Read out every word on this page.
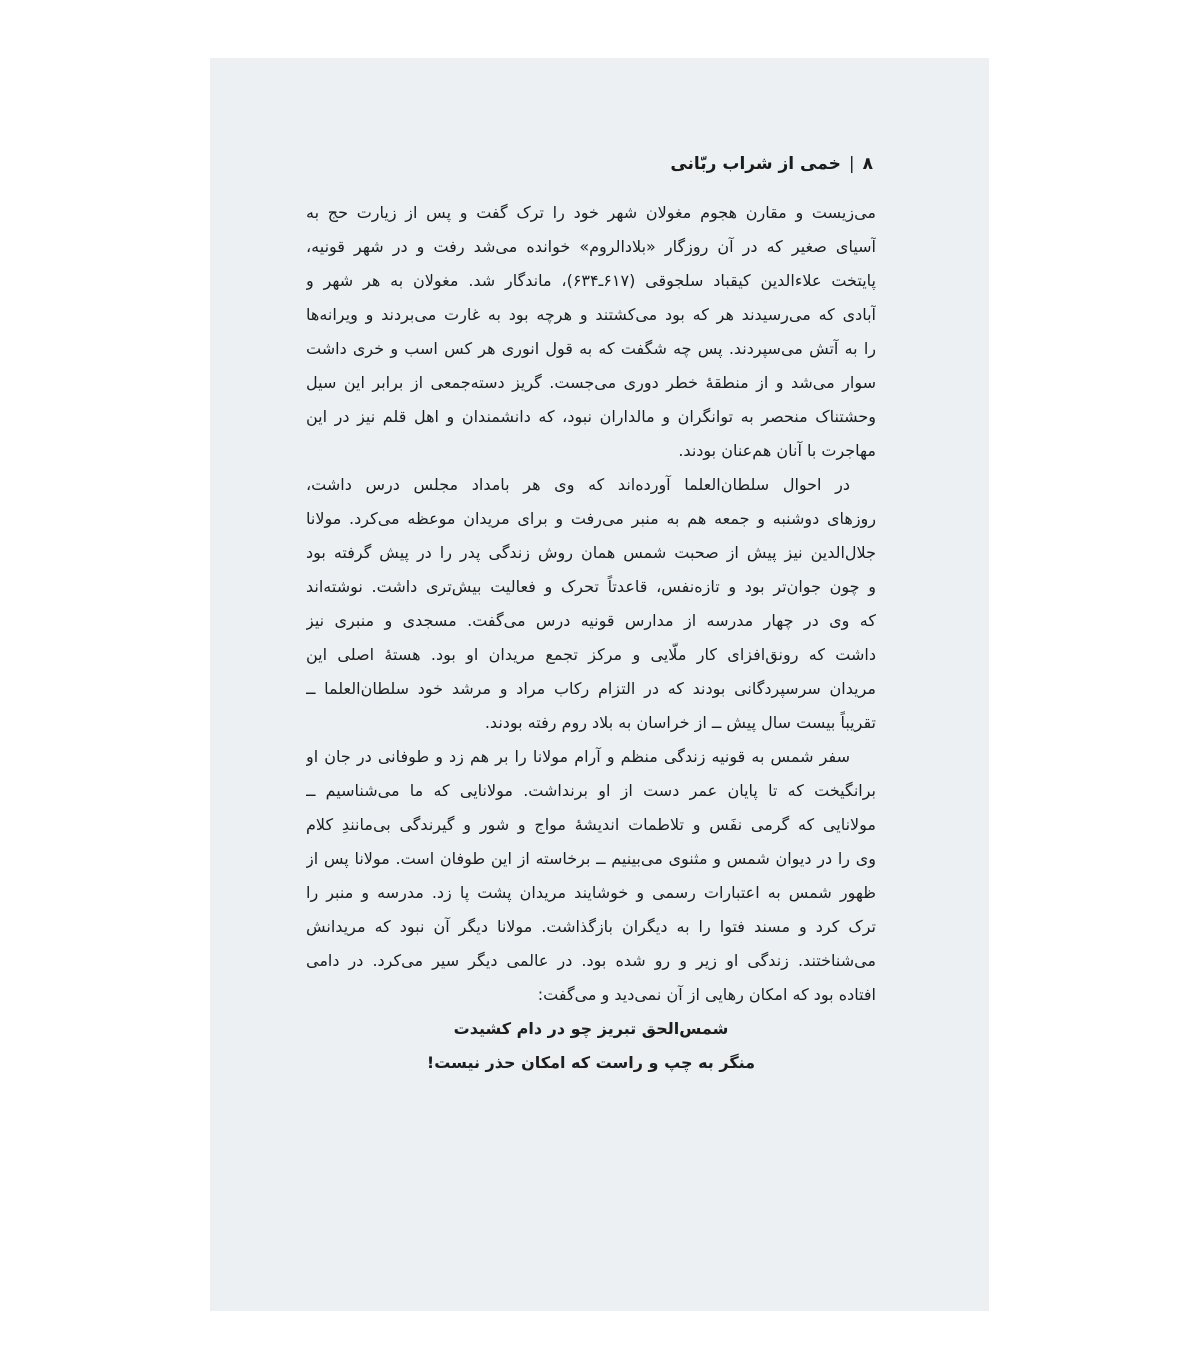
۸|خمی از شراب ربّانی
می‌زیست و مقارن هجوم مغولان شهر خود را ترک گفت و پس از زیارت حج به
آسیای صغیر که در آن روزگار «بلادالروم» خوانده می‌شد رفت و در شهر قونیه،
پایتخت علاءالدین کیقباد سلجوقی (۶۱۷ـ۶۳۴)، ماندگار شد. مغولان به هر شهر و
آبادی که می‌رسیدند هر که بود می‌کشتند و هرچه بود به غارت می‌بردند و ویرانه‌ها
را به آتش می‌سپردند. پس چه شگفت که به قول انوری هر کس اسب و خری داشت
سوار می‌شد و از منطقهٔ خطر دوری می‌جست. گریز دسته‌جمعی از برابر این سیل
وحشتناک منحصر به توانگران و مالداران نبود، که دانشمندان و اهل قلم نیز در این
مهاجرت با آنان هم‌عنان بودند.
در احوال سلطان‌العلما آورده‌اند که وی هر بامداد مجلس درس داشت،
روزهای دوشنبه و جمعه هم به منبر می‌رفت و برای مریدان موعظه می‌کرد. مولانا
جلال‌الدین نیز پیش از صحبت شمس همان روش زندگی پدر را در پیش گرفته بود
و چون جوان‌تر بود و تازه‌نفس، قاعدتاً تحرک و فعالیت بیش‌تری داشت. نوشته‌اند
که وی در چهار مدرسه از مدارس قونیه درس می‌گفت. مسجدی و منبری نیز
داشت که رونق‌افزای کار ملّایی و مرکز تجمع مریدان او بود. هستهٔ اصلی این
مریدان سرسپردگانی بودند که در التزام رکاب مراد و مرشد خود سلطان‌العلما ــ
تقریباً بیست سال پیش ــ از خراسان به بلاد روم رفته بودند.
سفر شمس به قونیه زندگی منظم و آرام مولانا را بر هم زد و طوفانی در جان او
برانگیخت که تا پایان عمر دست از او برنداشت. مولانایی که ما می‌شناسیم ــ
مولانایی که گرمی نفَس و تلاطمات اندیشهٔ مواج و شور و گیرندگی بی‌مانندِ کلام
وی را در دیوان شمس و مثنوی می‌بینیم ــ برخاسته از این طوفان است. مولانا پس از
ظهور شمس به اعتبارات رسمی و خوشایند مریدان پشت پا زد. مدرسه و منبر را
ترک کرد و مسند فتوا را به دیگران بازگذاشت. مولانا دیگر آن نبود که مریدانش
می‌شناختند. زندگی او زیر و رو شده بود. در عالمی دیگر سیر می‌کرد. در دامی
افتاده بود که امکان رهایی از آن نمی‌دید و می‌گفت:
شمس‌الحق تبریز چو در دام کشیدت
منگر به چپ و راست که امکان حذر نیست!
